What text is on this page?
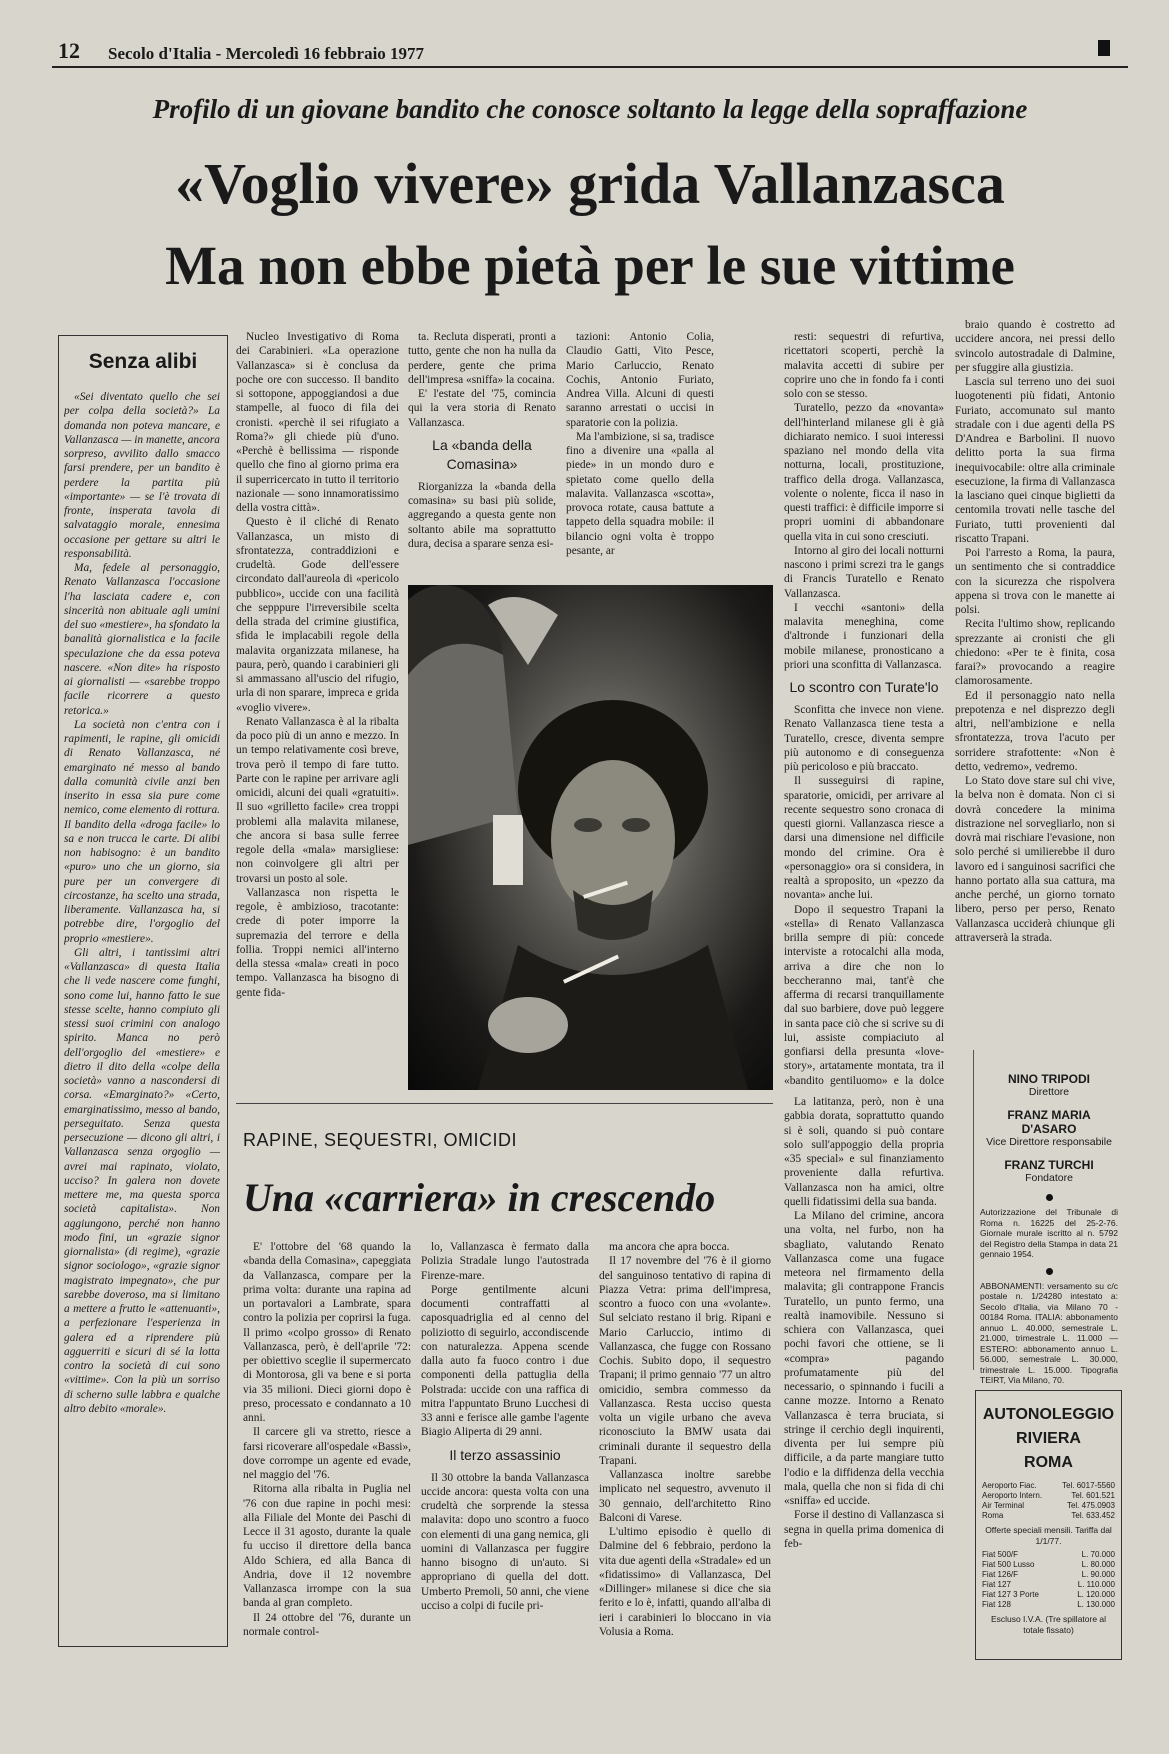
12 Secolo d'Italia - Mercoledì 16 febbraio 1977
Profilo di un giovane bandito che conosce soltanto la legge della sopraffazione
«Voglio vivere» grida Vallanzasca
Ma non ebbe pietà per le sue vittime
Senza alibi

«Sei diventato quello che sei per colpa della società?» La domanda non poteva mancare, e Vallanzasca — in manette, ancora sorpreso, avvilito dallo smacco farsi prendere, per un bandito è perdere la partita più «importante» — se l'è trovata di fronte, insperata tavola di salvataggio morale, ennesima occasione per gettare su altri le responsabilità.

Ma, fedele al personaggio, Renato Vallanzasca l'occasione l'ha lasciata cadere e, con sincerità non abituale agli umini del suo «mestiere», ha sfondato la banalità giornalistica e la facile speculazione che da essa poteva nascere. «Non dite» ha risposto ai giornalisti — «sarebbe troppo facile ricorrere a questo retorica.»

La società non c'entra con i rapimenti, le rapine, gli omicidi di Renato Vallanzasca, né emarginato né messo al bando dalla comunità civile anzi ben inserito in essa sia pure come nemico, come elemento di rottura. Il bandito della «droga facile» lo sa e non trucca le carte. Di alibi non habisogno: è un bandito «puro» uno che un giorno, sia pure per un convergere di circostanze, ha scelto una strada, liberamente. Vallanzasca ha, si potrebbe dire, l'orgoglio del proprio «mestiere».

Gli altri, i tantissimi altri «Vallanzasca» di questa Italia che li vede nascere come funghi, sono come lui, hanno fatto le sue stesse scelte, hanno compiuto gli stessi suoi crimini con analogo spirito. Manca no però dell'orgoglio del «mestiere» e dietro il dito della «colpe della società» vanno a nascondersi di corsa. «Emarginato?» «Certo, emarginatissimo, messo al bando, perseguitato. Senza questa persecuzione — dicono gli altri, i Vallanzasca senza orgoglio — avrei mai rapinato, violato, ucciso? In galera non dovete mettere me, ma questa sporca società capitalista». Non aggiungono, perché non hanno modo fini, un «grazie signor giornalista» (di regime), «grazie signor sociologo», «grazie signor magistrato impegnato», che pur sarebbe doveroso, ma si limitano a mettere a frutto le «attenuanti», a perfezionare l'esperienza in galera ed a riprendere più agguerriti e sicuri di sé la lotta contro la società di cui sono «vittime». Con la più un sorriso di scherno sulle labbra e qualche altro debito «morale».

Nucleo Investigativo di Roma dei Carabinieri. «La operazione Vallanzasca» si è conclusa da poche ore con successo. Il bandito si sottopone, appoggiandosi a due stampelle, al fuoco di fila dei cronisti. «perchè il sei rifugiato a Roma?» gli chiede più d'uno. «Perchè è bellissima — risponde quello che fino al giorno prima era il superricercato in tutto il territorio nazionale — sono innamoratissimo della vostra città».

Questo è il cliché di Renato Vallanzasca, un misto di sfrontatezza, contraddizioni e crudeltà. Gode dell'essere circondato dall'aureola di «pericolo pubblico», uccide con una facilità che sepppure l'irreversibile scelta della strada del crimine giustifica, sfida le implacabili regole della malavita organizzata milanese, ha paura, però, quando i carabinieri gli si ammassano all'uscio del rifugio, urla di non sparare, impreca e grida «voglio vivere».

Renato Vallanzasca è al la ribalta da poco più di un anno e mezzo. In un tempo relativamente così breve, trova però il tempo di fare tutto. Parte con le rapine per arrivare agli omicidi, alcuni dei quali «gratuiti». Il suo «grilletto facile» crea troppi problemi alla malavita milanese, che ancora si basa sulle ferree regole della «mala» marsigliese: non coinvolgere gli altri per trovarsi un posto al sole.

Vallanzasca non rispetta le regole, è ambizioso, tracotante: crede di poter imporre la supremazia del terrore e della follia. Troppi nemici all'interno della stessa «mala» creati in poco tempo. Vallanzasca ha bisogno di gente fida-

ta. Recluta disperati, pronti a tutto, gente che non ha nulla da perdere, gente che prima dell'impresa «sniffa» la cocaina.

E' l'estate del '75, comincia qui la vera storia di Renato Vallanzasca.

La «banda della Comasina»

Riorganizza la «banda della comasina» su basi più solide, aggregando a questa gente non soltanto abile ma soprattutto dura, decisa a sparare senza esi-

tazioni: Antonio Colia, Claudio Gatti, Vito Pesce, Mario Carluccio, Renato Cochis, Antonio Furiato, Andrea Villa. Alcuni di questi saranno arrestati o uccisi in sparatorie con la polizia.

Ma l'ambizione, si sa, tradisce fino a divenire una «palla al piede» in un mondo duro e spietato come quello della malavita. Vallanzasca «scotta», provoca rotate, causa battute a tappeto della squadra mobile: il bilancio ogni volta è troppo pesante, ar

resti: sequestri di refurtiva, ricettatori scoperti, perchè la malavita accetti di subire per coprire uno che in fondo fa i conti solo con se stesso.

Turatello, pezzo da «novanta» dell'hinterland milanese gli è già dichiarato nemico. I suoi interessi spaziano nel mondo della vita notturna, locali, prostituzione, traffico della droga. Vallanzasca, volente o nolente, ficca il naso in questi traffici: è difficile imporre si propri uomini di abbandonare quella vita in cui sono cresciuti.

Intorno al giro dei locali notturni nascono i primi screzi tra le gangs di Francis Turatello e Renato Vallanzasca.

I vecchi «santoni» della malavita meneghina, come d'altronde i funzionari della mobile milanese, pronosticano a priori una sconfitta di Vallanzasca.

Lo scontro con Turate'lo

Sconfitta che invece non viene. Renato Vallanzasca tiene testa a Turatello, cresce, diventa sempre più autonomo e di conseguenza più pericoloso e più braccato.

Il susseguirsi di rapine, sparatorie, omicidi, per arrivare al recente sequestro sono cronaca di questi giorni. Vallanzasca riesce a darsi una dimensione nel difficile mondo del crimine. Ora è «personaggio» ora si considera, in realtà a sproposito, un «pezzo da novanta» anche lui.

Dopo il sequestro Trapani la «stella» di Renato Vallanzasca brilla sempre di più: concede interviste a rotocalchi alla moda, arriva a dire che non lo beccheranno mai, tant'è che afferma di recarsi tranquillamente dal suo barbiere, dove può leggere in santa pace ciò che si scrive su di lui, assiste compiaciuto al gonfiarsi della presunta «love-story», artatamente montata, tra il «bandito gentiluomo» e la dolce

La latitanza, però, non è una gabbia dorata, soprattutto quando si è soli, quando si può contare solo sull'appoggio della propria «35 special» e sul finanziamento proveniente dalla refurtiva. Vallanzasca non ha amici, oltre quelli fidatissimi della sua banda.

La Milano del crimine, ancora una volta, nel furbo, non ha sbagliato, valutando Renato Vallanzasca come una fugace meteora nel firmamento della malavita; gli contrappone Francis Turatello, un punto fermo, una realtà inamovibile. Nessuno si schiera con Vallanzasca, quei pochi favori che ottiene, se li «compra» pagando profumatamente più del necessario, o spinnando i fucili a canne mozze. Intorno a Renato Vallanzasca è terra bruciata, si stringe il cerchio degli inquirenti, diventa per lui sempre più difficile, a da parte mangiare tutto l'odio e la diffidenza della vecchia mala, quella che non si fida di chi «sniffa» ed uccide.

Forse il destino di Vallanzasca si segna in quella prima domenica di feb-

braio quando è costretto ad uccidere ancora, nei pressi dello svincolo autostradale di Dalmine, per sfuggire alla giustizia.

Lascia sul terreno uno dei suoi luogotenenti più fidati, Antonio Furiato, accomunato sul manto stradale con i due agenti della PS D'Andrea e Barbolini. Il nuovo delitto porta la sua firma inequivocabile: oltre alla criminale esecuzione, la firma di Vallanzasca la lasciano quei cinque biglietti da centomila trovati nelle tasche del Furiato, tutti provenienti dal riscatto Trapani.

Poi l'arresto a Roma, la paura, un sentimento che si contraddice con la sicurezza che rispolvera appena si trova con le manette ai polsi.

Recita l'ultimo show, replicando sprezzante ai cronisti che gli chiedono: «Per te è finita, cosa farai?» provocando a reagire clamorosamente.

Ed il personaggio nato nella prepotenza e nel disprezzo degli altri, nell'ambizione e nella sfrontatezza, trova l'acuto per sorridere strafottente: «Non è detto, vedremo», vedremo.

Lo Stato dove stare sul chi vive, la belva non è domata. Non ci si dovrà concedere la minima distrazione nel sorvegliarlo, non si dovrà mai rischiare l'evasione, non solo perché si umilierebbe il duro lavoro ed i sanguinosi sacrifici che hanno portato alla sua cattura, ma anche perché, un giorno tornato libero, perso per perso, Renato Vallanzasca ucciderà chiunque gli attraverserà la strada.

NINO TRIPODI
Direttore
FRANZ MARIA D'ASARO
Vice Direttore responsabile
FRANZ TURCHI
Fondatore
Autorizzazione del Tribunale di Roma n. 16225 del 25-2-76. Giornale murale iscritto al n. 5792 del Registro della Stampa in data 21 gennaio 1954.
ABBONAMENTI: versamento su c/c postale n. 1/24280 intestato a: Secolo d'Italia, via Milano 70 - 00184 Roma. ITALIA: abbonamento annuo L. 40.000, semestrale L. 21.000, trimestrale L. 11.000 — ESTERO: abbonamento annuo L. 56.000, semestrale L. 30.000, trimestrale L. 15.000. Tipografia TEIRT, Via Milano, 70.
RAPINE, SEQUESTRI, OMICIDI
Una «carriera» in crescendo

E' l'ottobre del '68 quando la «banda della Comasina», capeggiata da Vallanzasca, compare per la prima volta: durante una rapina ad un portavalori a Lambrate, spara contro la polizia per coprirsi la fuga. Il primo «colpo grosso» di Renato Vallanzasca, però, è dell'aprile '72: per obiettivo sceglie il supermercato di Montorosa, gli va bene e si porta via 35 milioni. Dieci giorni dopo è preso, processato e condannato a 10 anni.

Il carcere gli va stretto, riesce a farsi ricoverare all'ospedale «Bassi», dove corrompe un agente ed evade, nel maggio del '76.

Ritorna alla ribalta in Puglia nel '76 con due rapine in pochi mesi: alla Filiale del Monte dei Paschi di Lecce il 31 agosto, durante la quale fu ucciso il direttore della banca Aldo Schiera, ed alla Banca di Andria, dove il 12 novembre Vallanzasca irrompe con la sua banda al gran completo.

Il 24 ottobre del '76, durante un normale control-

lo, Vallanzasca è fermato dalla Polizia Stradale lungo l'autostrada Firenze-mare.

Porge gentilmente alcuni documenti contraffatti al caposquadriglia ed al cenno del poliziotto di seguirlo, accondiscende con naturalezza. Appena scende dalla auto fa fuoco contro i due componenti della pattuglia della Polstrada: uccide con una raffica di mitra l'appuntato Bruno Lucchesi di 33 anni e ferisce alle gambe l'agente Biagio Aliperta di 29 anni.

Il terzo assassinio

Il 30 ottobre la banda Vallanzasca uccide ancora: questa volta con una crudeltà che sorprende la stessa malavita: dopo uno scontro a fuoco con elementi di una gang nemica, gli uomini di Vallanzasca per fuggire hanno bisogno di un'auto. Si appropriano di quella del dott. Umberto Premoli, 50 anni, che viene ucciso a colpi di fucile pri-

ma ancora che apra bocca.

Il 17 novembre del '76 è il giorno del sanguinoso tentativo di rapina di Piazza Vetra: prima dell'impresa, scontro a fuoco con una «volante». Sul selciato restano il brig. Ripani e Mario Carluccio, intimo di Vallanzasca, che fugge con Rossano Cochis. Subito dopo, il sequestro Trapani; il primo gennaio '77 un altro omicidio, sembra commesso da Vallanzasca. Resta ucciso questa volta un vigile urbano che aveva riconosciuto la BMW usata dai criminali durante il sequestro della Trapani.

Vallanzasca inoltre sarebbe implicato nel sequestro, avvenuto il 30 gennaio, dell'architetto Rino Balconi di Varese.

L'ultimo episodio è quello di Dalmine del 6 febbraio, perdono la vita due agenti della «Stradale» ed un «fidatissimo» di Vallanzasca, Del «Dillinger» milanese si dice che sia ferito e lo è, infatti, quando all'alba di ieri i carabinieri lo bloccano in via Volusia a Roma.

AUTONOLEGGIO
RIVIERA
ROMA
Aeroporto Fiac.	Tel. 6017-5560
Aeroporto Intern.	Tel. 601.521
Air Terminal	Tel. 475.0903
Roma	Tel. 633.452
Offerte speciali mensili. Tariffa dal 1/1/77.
Fiat 500/F	L. 70.000
Fiat 500 Lusso	L. 80.000
Fiat 126/F	L. 90.000
Fiat 127	L. 110.000
Fiat 127 3 Porte	L. 120.000
Fiat 128	L. 130.000
Escluso I.V.A. (Tre spillatore al totale fissato)
